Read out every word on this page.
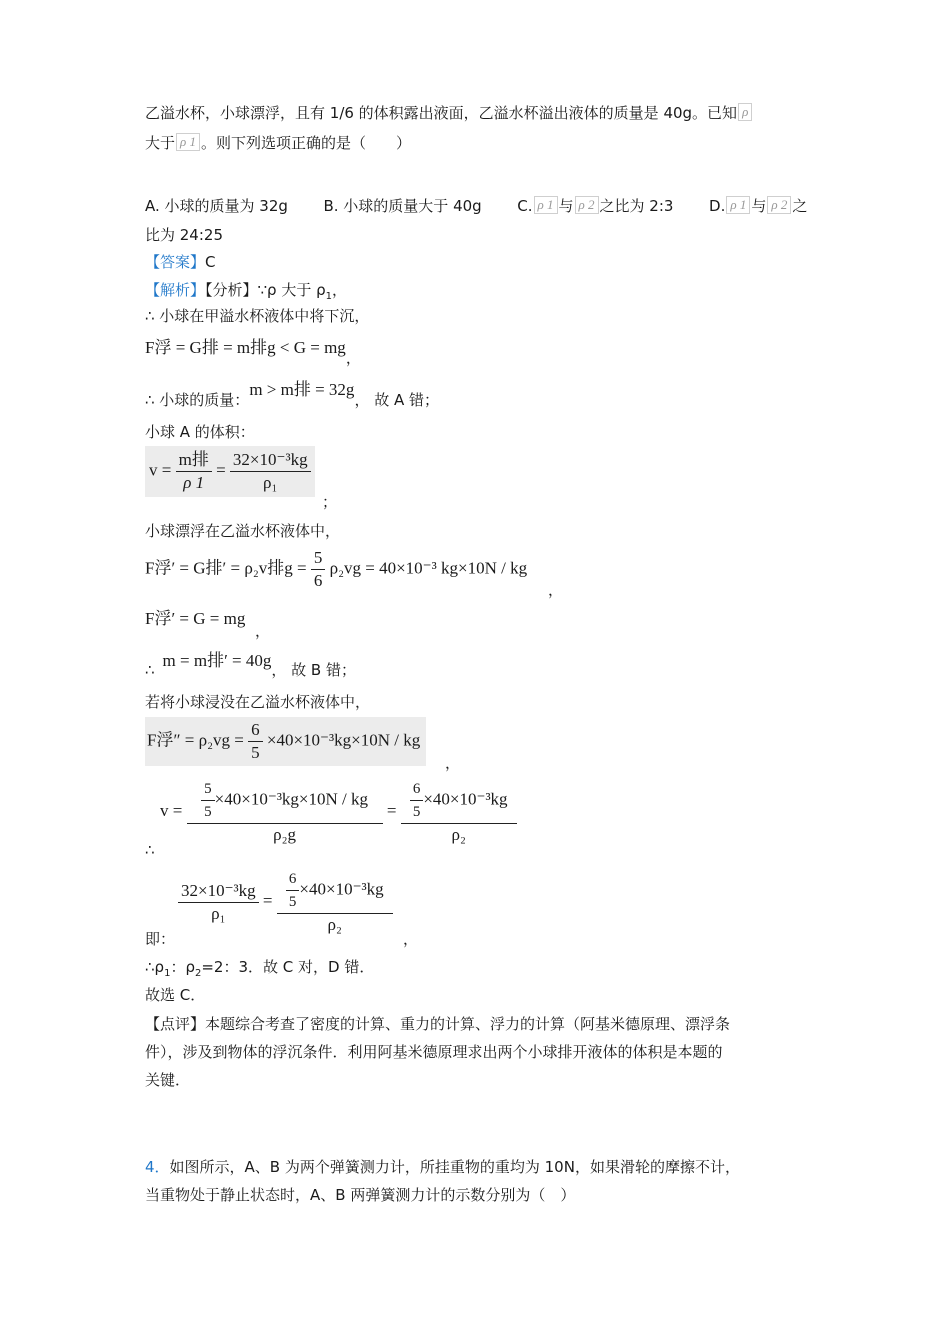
乙溢水杯，小球漂浮，且有 1/6 的体积露出液面，乙溢水杯溢出液体的质量是 40g。已知 ρ
大于 ρ 1 。则下列选项正确的是（　　）
A. 小球的质量为 32g B. 小球的质量大于 40g C. ρ 1 与 ρ 2 之比为 2:3 D. ρ 1 与 ρ 2 之
比为 24:25
【答案】C
【解析】【分析】∵ρ 大于 $\rho_1$，
∴ 小球在甲溢水杯液体中将下沉，
F浮 = G排 = m排g < G = mg，
∴ 小球的质量：m > m排 = 32g， 故 A 错；
小球 A 的体积：
$v = \frac{\text{m排}}{\rho 1} = \frac{\text{32×10⁻³kg}}{\text{ρ₁}}$
；
小球漂浮在乙溢水杯液体中，
F浮′ = G排′ = ρ₂v排$g = \frac{5}{6} \rho_2vg = 40\times 10^{-3}$ kg×10N / kg
，
F浮′ = G = mg
，
∴ m = m排′ = 40g， 故 B 错；
若将小球浸没在乙溢水杯液体中，
F浮″ = $\rho_2vg = \frac{6}{5} \times 40\times 10^{-3}kg\times 10N$ / kg
，
∴
$v = \frac{\frac{5}{5} \times 40\times 10^{-3}kg\times 10N / kg}{\text{ρ₂g}} = \frac{\frac{6}{5} \times 40\times 10^{-3}kg}{\text{ρ₂}}$
即：
$\frac{\text{32×10⁻³kg}}{\text{ρ₁}} = \frac{\frac{6}{5} \times 40\times 10^{-3}kg}{\text{ρ₂}}$
，
$\therefore\rho_1$：$\rho_2=2$：3．故 C 对，D 错．
故选 C．
【点评】本题综合考查了密度的计算、重力的计算、浮力的计算（阿基米德原理、漂浮条
件），涉及到物体的浮沉条件．利用阿基米德原理求出两个小球排开液体的体积是本题的
关键．
4．如图所示，A、B 为两个弹簧测力计，所挂重物的重均为 10N，如果滑轮的摩擦不计，
当重物处于静止状态时，A、B 两弹簧测力计的示数分别为（　）
